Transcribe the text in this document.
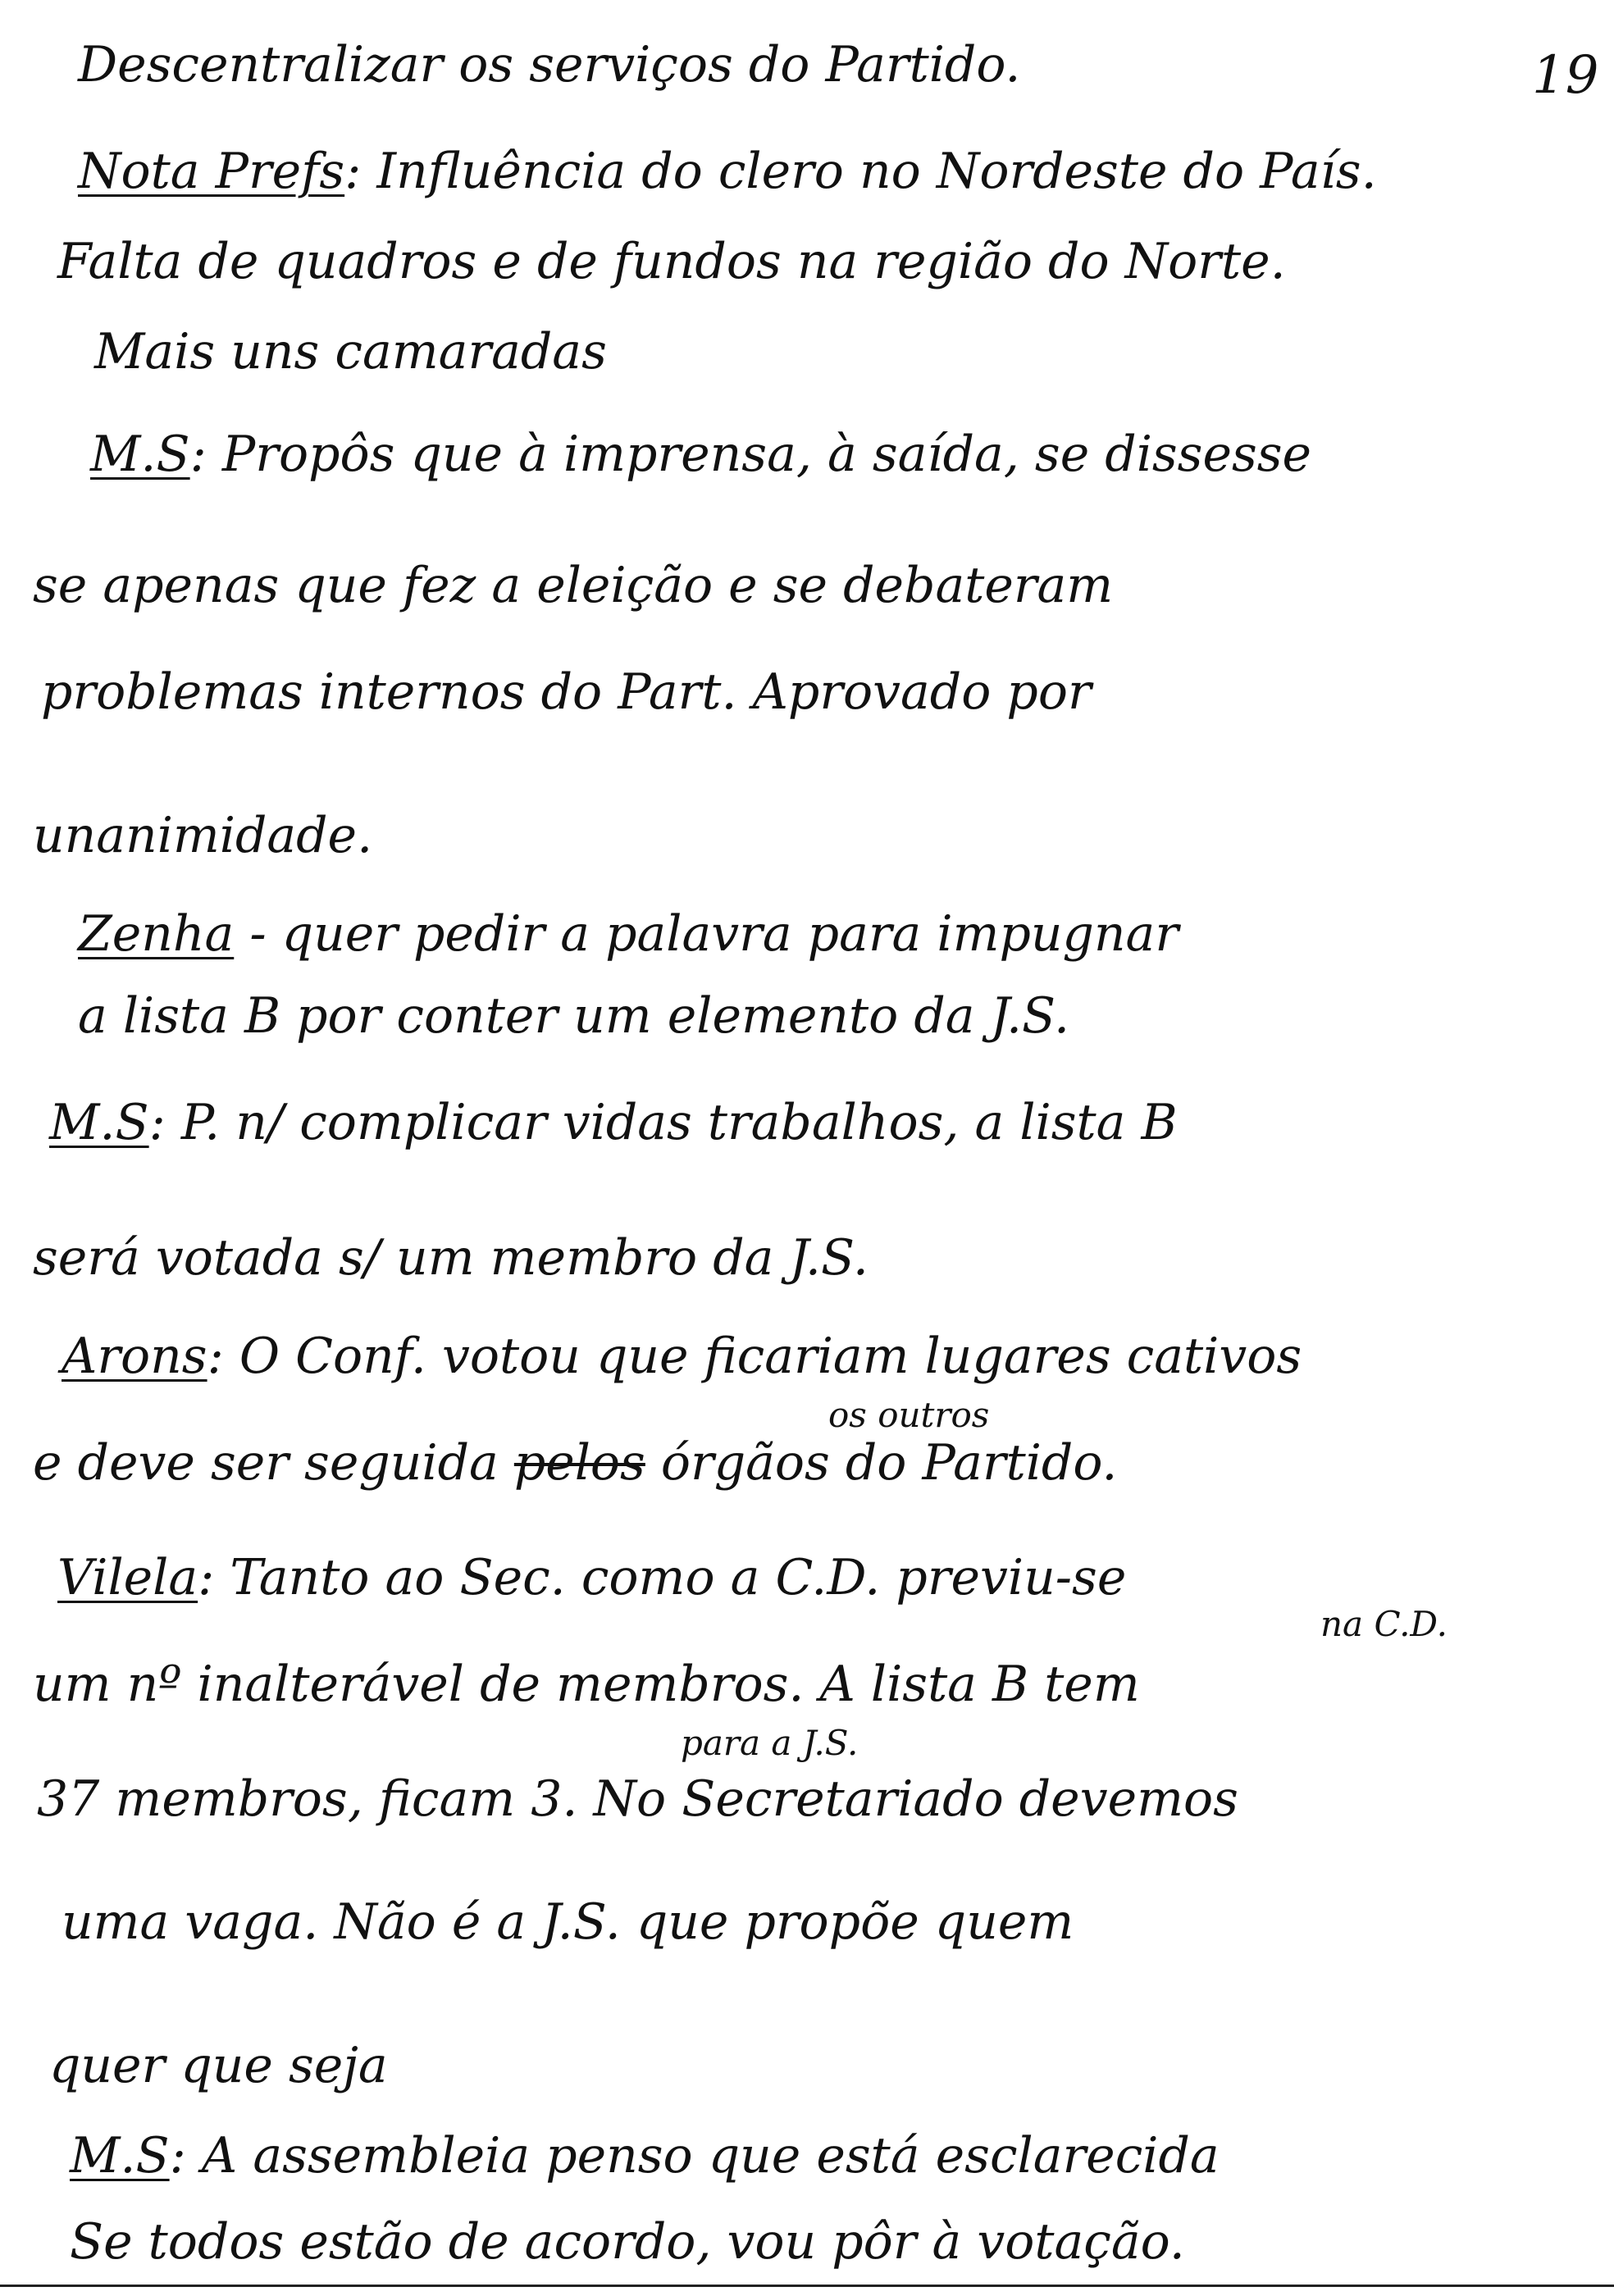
19
Descentralizar os serviços do Partido.
Nota Prefs: Influência do clero no Nordeste do País.
Falta de quadros e de fundos na região do Norte.
Mais uns camaradas
M.S: Propôs que à imprensa, à saída, se dissesse
se apenas que fez a eleição e se debateram
problemas internos do Part. Aprovado por
unanimidade.
Zenha - quer pedir a palavra para impugnar
a lista B por conter um elemento da J.S.
M.S: P. n/ complicar vidas trabalhos, a lista B
será votada s/ um membro da J.S.
Arons: O Conf. votou que ficariam lugares cativos
os outros
e deve ser seguida pelos órgãos do Partido.
Vilela: Tanto ao Sec. como a C.D. previu-se
na C.D.
um nº inalterável de membros. A lista B tem
para a J.S.
37 membros, ficam 3. No Secretariado devemos
uma vaga. Não é a J.S. que propõe quem
quer que seja
M.S: A assembleia penso que está esclarecida
Se todos estão de acordo, vou pôr à votação.
